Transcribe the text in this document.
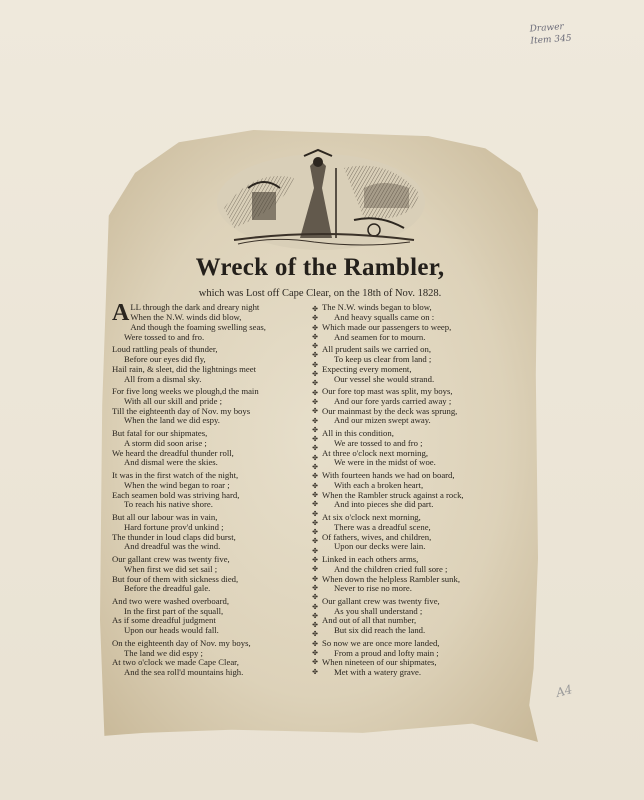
Drawer
Item 345
A4
Wreck of the Rambler,
which was Lost off Cape Clear, on the 18th of Nov. 1828.
ALL through the dark and dreary night
When the N.W. winds did blow,
And though the foaming swelling seas,
Were tossed to and fro.
Loud rattling peals of thunder,
Before our eyes did fly,
Hail rain, & sleet, did the lightnings meet
All from a dismal sky.
For five long weeks we plough,d the main
With all our skill and pride ;
Till the eighteenth day of Nov. my boys
When the land we did espy.
But fatal for our shipmates,
A storm did soon arise ;
We heard the dreadful thunder roll,
And dismal were the skies.
It was in the first watch of the night,
When the wind began to roar ;
Each seamen bold was striving hard,
To reach his native shore.
But all our labour was in vain,
Hard fortune prov'd unkind ;
The thunder in loud claps did burst,
And dreadful was the wind.
Our gallant crew was twenty five,
When first we did set sail ;
But four of them with sickness died,
Before the dreadful gale.
And two were washed overboard,
In the first part of the squall,
As if some dreadful judgment
Upon our heads would fall.
On the eighteenth day of Nov. my boys,
The land we did espy ;
At two o'clock we made Cape Clear,
And the sea roll'd mountains high.
✤
✤
✤
✤
✤
✤
✤
✤
✤
✤
✤
✤
✤
✤
✤
✤
✤
✤
✤
✤
✤
✤
✤
✤
✤
✤
✤
✤
✤
✤
✤
✤
✤
✤
✤
✤
✤
✤
✤
✤
The N.W. winds began to blow,
And heavy squalls came on :
Which made our passengers to weep,
And seamen for to mourn.
All prudent sails we carried on,
To keep us clear from land ;
Expecting every moment,
Our vessel she would strand.
Our fore top mast was split, my boys,
And our fore yards carried away ;
Our mainmast by the deck was sprung,
And our mizen swept away.
All in this condition,
We are tossed to and fro ;
At three o'clock next morning,
We were in the midst of woe.
With fourteen hands we had on board,
With each a broken heart,
When the Rambler struck against a rock,
And into pieces she did part.
At six o'clock next morning,
There was a dreadful scene,
Of fathers, wives, and children,
Upon our decks were lain.
Linked in each others arms,
And the children cried full sore ;
When down the helpless Rambler sunk,
Never to rise no more.
Our gallant crew was twenty five,
As you shall understand ;
And out of all that number,
But six did reach the land.
So now we are once more landed,
From a proud and lofty main ;
When nineteen of our shipmates,
Met with a watery grave.
